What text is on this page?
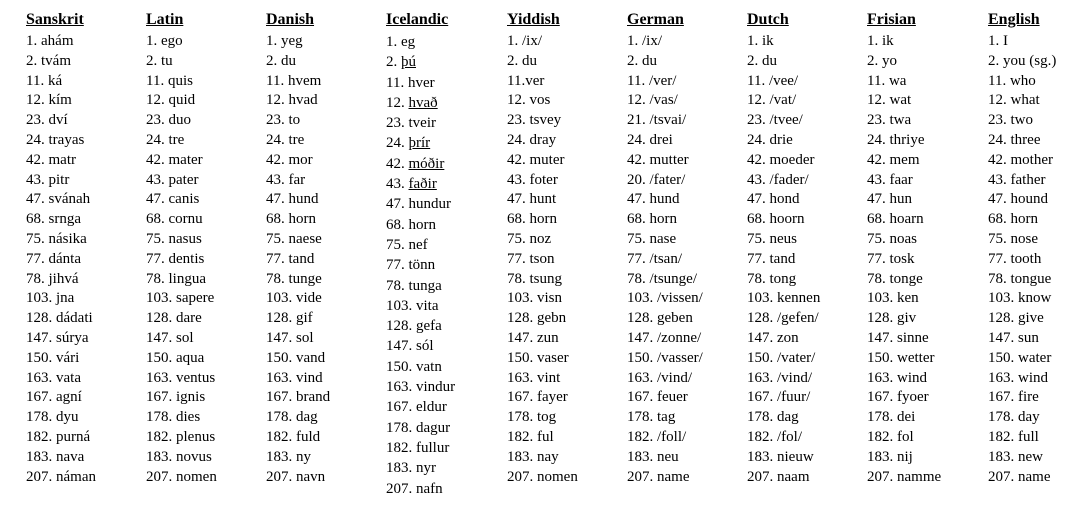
Sanskrit
1. ahám
2. tvám
11. ká
12. kím
23. dví
24. trayas
42. matr
43. pitr
47. svánah
68. srnga
75. násika
77. dánta
78. jihvá
103. jna
128. dádati
147. súrya
150. vári
163. vata
167. agní
178. dyu
182. purná
183. nava
207. náman
Latin
1. ego
2. tu
11. quis
12. quid
23. duo
24. tre
42. mater
43. pater
47. canis
68. cornu
75. nasus
77. dentis
78. lingua
103. sapere
128. dare
147. sol
150. aqua
163. ventus
167. ignis
178. dies
182. plenus
183. novus
207. nomen
Danish
1. yeg
2. du
11. hvem
12. hvad
23. to
24. tre
42. mor
43. far
47. hund
68. horn
75. naese
77. tand
78. tunge
103. vide
128. gif
147. sol
150. vand
163. vind
167. brand
178. dag
182. fuld
183. ny
207. navn
Icelandic
1. eg
2. þú
11. hver
12. hvað
23. tveir
24. þrír
42. móðir
43. faðir
47. hundur
68. horn
75. nef
77. tönn
78. tunga
103. vita
128. gefa
147. sól
150. vatn
163. vindur
167. eldur
178. dagur
182. fullur
183. nyr
207. nafn
Yiddish
1. /ix/
2. du
11.ver
12. vos
23. tsvey
24. dray
42. muter
43. foter
47. hunt
68. horn
75. noz
77. tson
78. tsung
103. visn
128. gebn
147. zun
150. vaser
163. vint
167. fayer
178. tog
182. ful
183. nay
207. nomen
German
1. /ix/
2. du
11. /ver/
12. /vas/
21. /tsvai/
24. drei
42. mutter
20. /fater/
47. hund
68. horn
75. nase
77. /tsan/
78. /tsunge/
103. /vissen/
128. geben
147. /zonne/
150. /vasser/
163. /vind/
167. feuer
178. tag
182. /foll/
183. neu
207. name
Dutch
1. ik
2. du
11. /vee/
12. /vat/
23. /tvee/
24. drie
42. moeder
43. /fader/
47. hond
68. hoorn
75. neus
77. tand
78. tong
103. kennen
128. /gefen/
147. zon
150. /vater/
163. /vind/
167. /fuur/
178. dag
182. /fol/
183. nieuw
207. naam
Frisian
1. ik
2. yo
11. wa
12. wat
23. twa
24. thriye
42. mem
43. faar
47. hun
68. hoarn
75. noas
77. tosk
78. tonge
103. ken
128. giv
147. sinne
150. wetter
163. wind
167. fyoer
178. dei
182. fol
183. nij
207. namme
English
1. I
2. you (sg.)
11. who
12. what
23. two
24. three
42. mother
43. father
47. hound
68. horn
75. nose
77. tooth
78. tongue
103. know
128. give
147. sun
150. water
163. wind
167. fire
178. day
182. full
183. new
207. name
